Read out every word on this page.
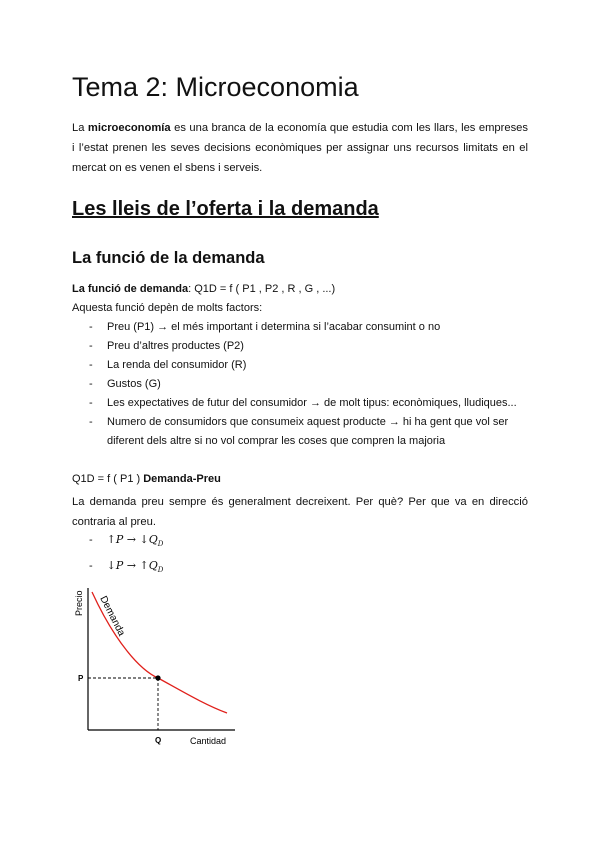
Tema 2: Microeconomia

La microeconomía es una branca de la economía que estudia com les llars, les empreses i l’estat prenen les seves decisions econòmiques per assignar uns recursos limitats en el mercat on es venen el sbens i serveis.

Les lleis de l’oferta i la demanda
La funció de la demanda

La funció de demanda: Q1D = f ( P1 , P2 , R , G , ...)

Aquesta funció depèn de molts factors:

- Preu (P1) → el més important i determina si l’acabar consumint o no
- Preu d’altres productes (P2)
- La renda del consumidor (R)
- Gustos (G)
- Les expectatives de futur del consumidor → de molt tipus: econòmiques, lludiques...
- Numero de consumidors que consumeix aquest producte → hi ha gent que vol ser diferent dels altre si no vol comprar les coses que compren la majoria

Q1D = f ( P1 ) Demanda-Preu

La demanda preu sempre és generalment decreixent. Per què? Per que va en direcció contraria al preu.

- ↑P → $↓Q_D$

- ↓P → $↑Q_D$

Precio
Cantidad
Demanda
P
Q
